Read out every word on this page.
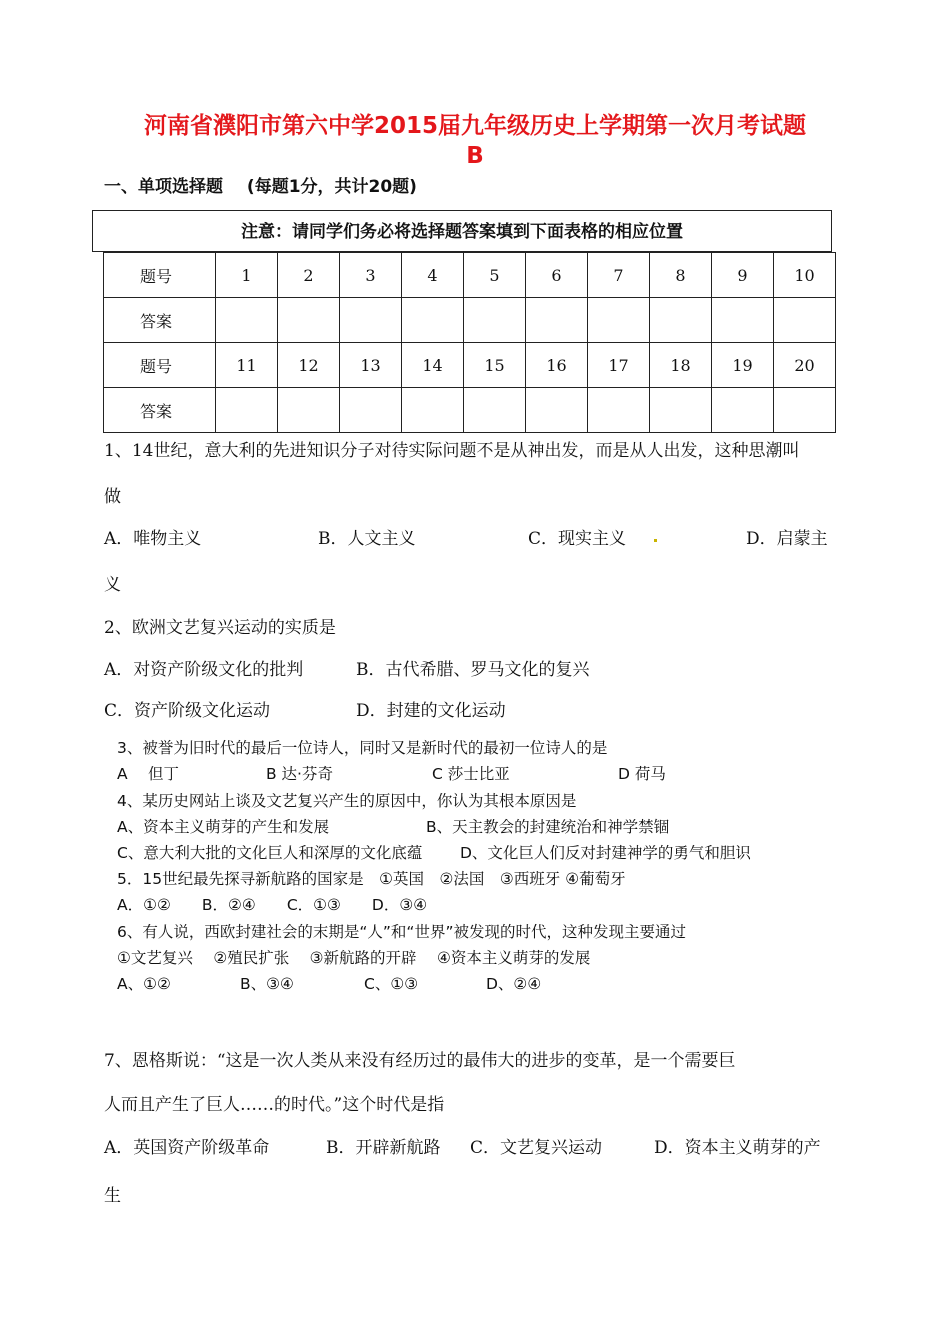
河南省濮阳市第六中学2015届九年级历史上学期第一次月考试题
B
一、单项选择题 (每题1分，共计20题)
注意：请同学们务必将选择题答案填到下面表格的相应位置
题号	1	2	3	4	5	6	7	8	9	10
答案										
题号	11	12	13	14	15	16	17	18	19	20
答案										
1、14世纪，意大利的先进知识分子对待实际问题不是从神出发，而是从人出发，这种思潮叫
做
A．唯物主义	B．人文主义	C．现实主义	D．启蒙主
义
2、欧洲文艺复兴运动的实质是
A．对资产阶级文化的批判	B．古代希腊、罗马文化的复兴
C．资产阶级文化运动	D．封建的文化运动
3、被誉为旧时代的最后一位诗人，同时又是新时代的最初一位诗人的是
A　 但丁	B 达·芬奇	C 莎士比亚	D 荷马
4、某历史网站上谈及文艺复兴产生的原因中，你认为其根本原因是
A、资本主义萌芽的产生和发展	B、天主教会的封建统治和神学禁锢
C、意大利大批的文化巨人和深厚的文化底蕴 D、文化巨人们反对封建神学的勇气和胆识
5．15世纪最先探寻新航路的国家是　①英国　②法国　③西班牙 ④葡萄牙
A．①②　　B．②④　　C．①③　　D．③④
6、有人说，西欧封建社会的末期是“人”和“世界”被发现的时代，这种发现主要通过
①文艺复兴　 ②殖民扩张　 ③新航路的开辟　 ④资本主义萌芽的发展
A、①②	B、③④	C、①③	D、②④
7、恩格斯说：“这是一次人类从来没有经历过的最伟大的进步的变革，是一个需要巨
人而且产生了巨人……的时代。”这个时代是指
A．英国资产阶级革命	B．开辟新航路 C．文艺复兴运动	D．资本主义萌芽的产
生
